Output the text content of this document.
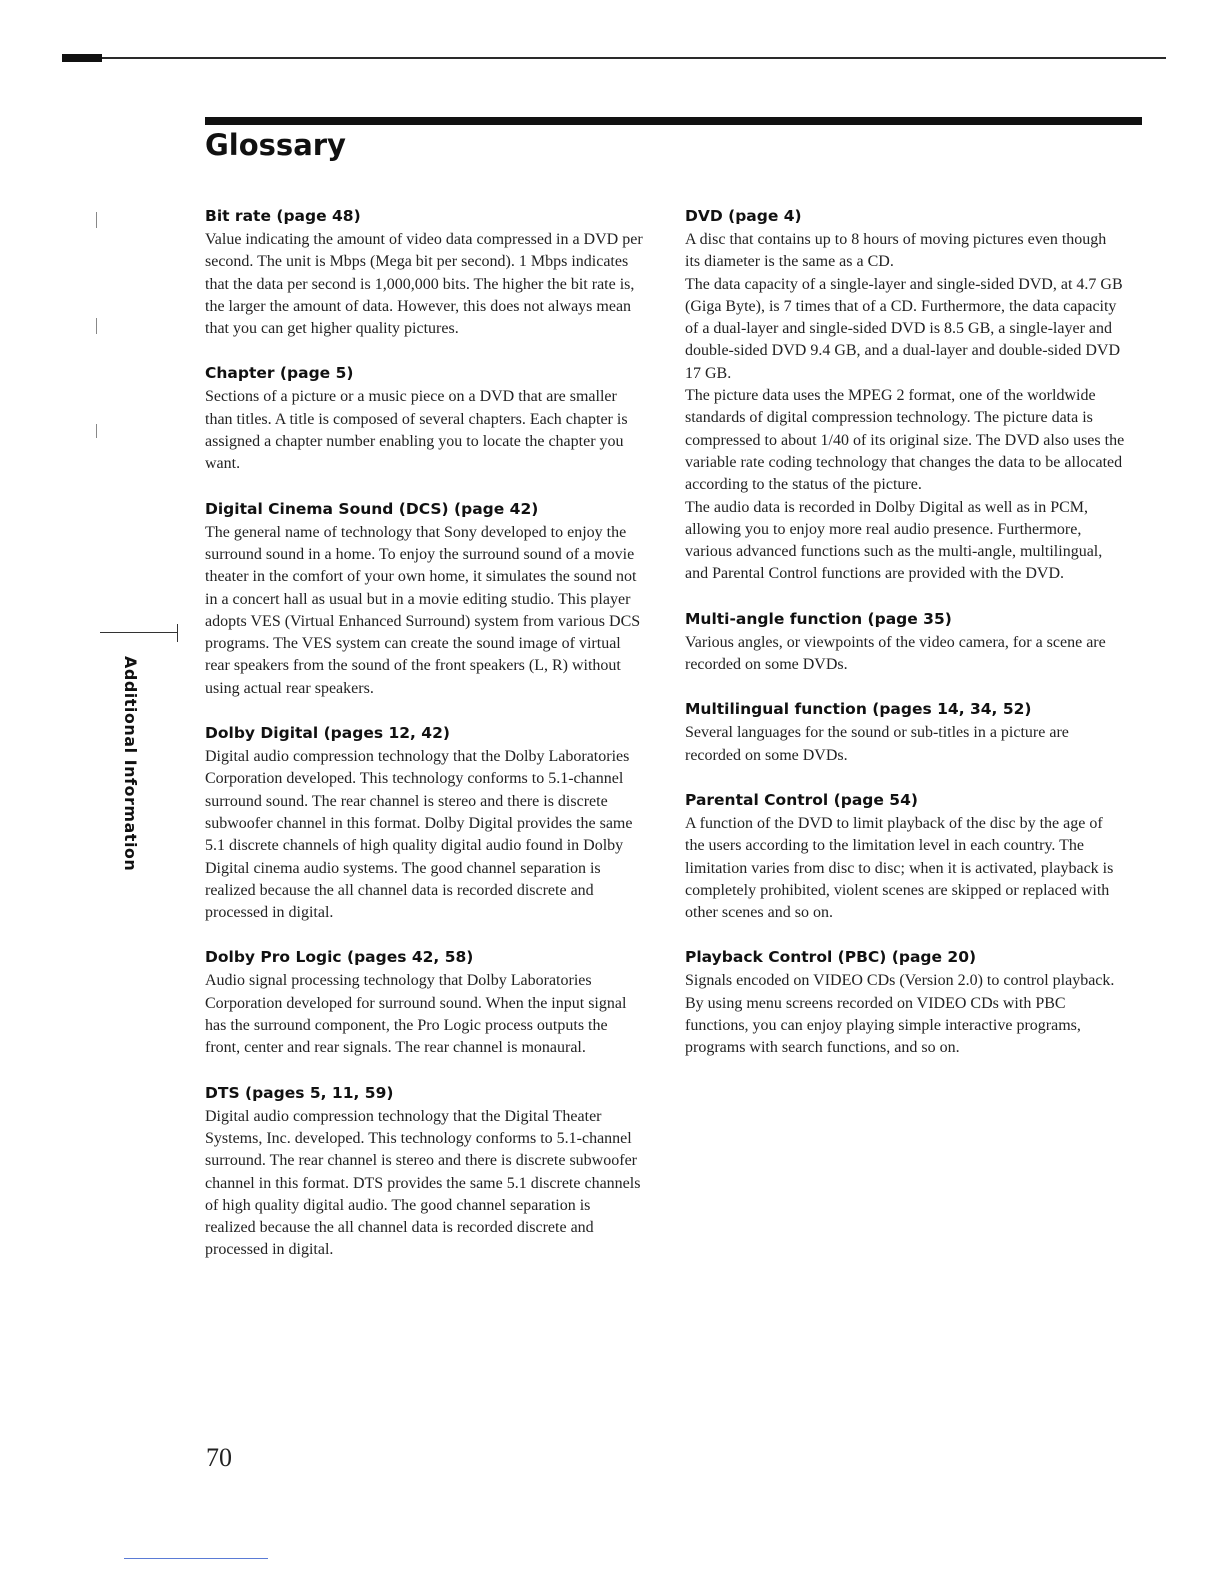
Glossary
Additional Information
Bit rate (page 48)

Value indicating the amount of video data compressed in a DVD per second. The unit is Mbps (Mega bit per second). 1 Mbps indicates that the data per second is 1,000,000 bits. The higher the bit rate is, the larger the amount of data. However, this does not always mean that you can get higher quality pictures.

Chapter (page 5)

Sections of a picture or a music piece on a DVD that are smaller than titles. A title is composed of several chapters. Each chapter is assigned a chapter number enabling you to locate the chapter you want.

Digital Cinema Sound (DCS) (page 42)

The general name of technology that Sony developed to enjoy the surround sound in a home. To enjoy the surround sound of a movie theater in the comfort of your own home, it simulates the sound not in a concert hall as usual but in a movie editing studio. This player adopts VES (Virtual Enhanced Surround) system from various DCS programs. The VES system can create the sound image of virtual rear speakers from the sound of the front speakers (L, R) without using actual rear speakers.

Dolby Digital (pages 12, 42)

Digital audio compression technology that the Dolby Laboratories Corporation developed. This technology conforms to 5.1-channel surround sound. The rear channel is stereo and there is discrete subwoofer channel in this format. Dolby Digital provides the same 5.1 discrete channels of high quality digital audio found in Dolby Digital cinema audio systems. The good channel separation is realized because the all channel data is recorded discrete and processed in digital.

Dolby Pro Logic (pages 42, 58)

Audio signal processing technology that Dolby Laboratories Corporation developed for surround sound. When the input signal has the surround component, the Pro Logic process outputs the front, center and rear signals. The rear channel is monaural.

DTS (pages 5, 11, 59)

Digital audio compression technology that the Digital Theater Systems, Inc. developed. This technology conforms to 5.1-channel surround. The rear channel is stereo and there is discrete subwoofer channel in this format. DTS provides the same 5.1 discrete channels of high quality digital audio. The good channel separation is realized because the all channel data is recorded discrete and processed in digital.

DVD (page 4)

A disc that contains up to 8 hours of moving pictures even though its diameter is the same as a CD.

The data capacity of a single-layer and single-sided DVD, at 4.7 GB (Giga Byte), is 7 times that of a CD. Furthermore, the data capacity of a dual-layer and single-sided DVD is 8.5 GB, a single-layer and double-sided DVD 9.4 GB, and a dual-layer and double-sided DVD 17 GB.

The picture data uses the MPEG 2 format, one of the worldwide standards of digital compression technology. The picture data is compressed to about 1/40 of its original size. The DVD also uses the variable rate coding technology that changes the data to be allocated according to the status of the picture.

The audio data is recorded in Dolby Digital as well as in PCM, allowing you to enjoy more real audio presence. Furthermore, various advanced functions such as the multi-angle, multilingual, and Parental Control functions are provided with the DVD.

Multi-angle function (page 35)

Various angles, or viewpoints of the video camera, for a scene are recorded on some DVDs.

Multilingual function (pages 14, 34, 52)

Several languages for the sound or sub-titles in a picture are recorded on some DVDs.

Parental Control (page 54)

A function of the DVD to limit playback of the disc by the age of the users according to the limitation level in each country. The limitation varies from disc to disc; when it is activated, playback is completely prohibited, violent scenes are skipped or replaced with other scenes and so on.

Playback Control (PBC) (page 20)

Signals encoded on VIDEO CDs (Version 2.0) to control playback.

By using menu screens recorded on VIDEO CDs with PBC functions, you can enjoy playing simple interactive programs, programs with search functions, and so on.

70
